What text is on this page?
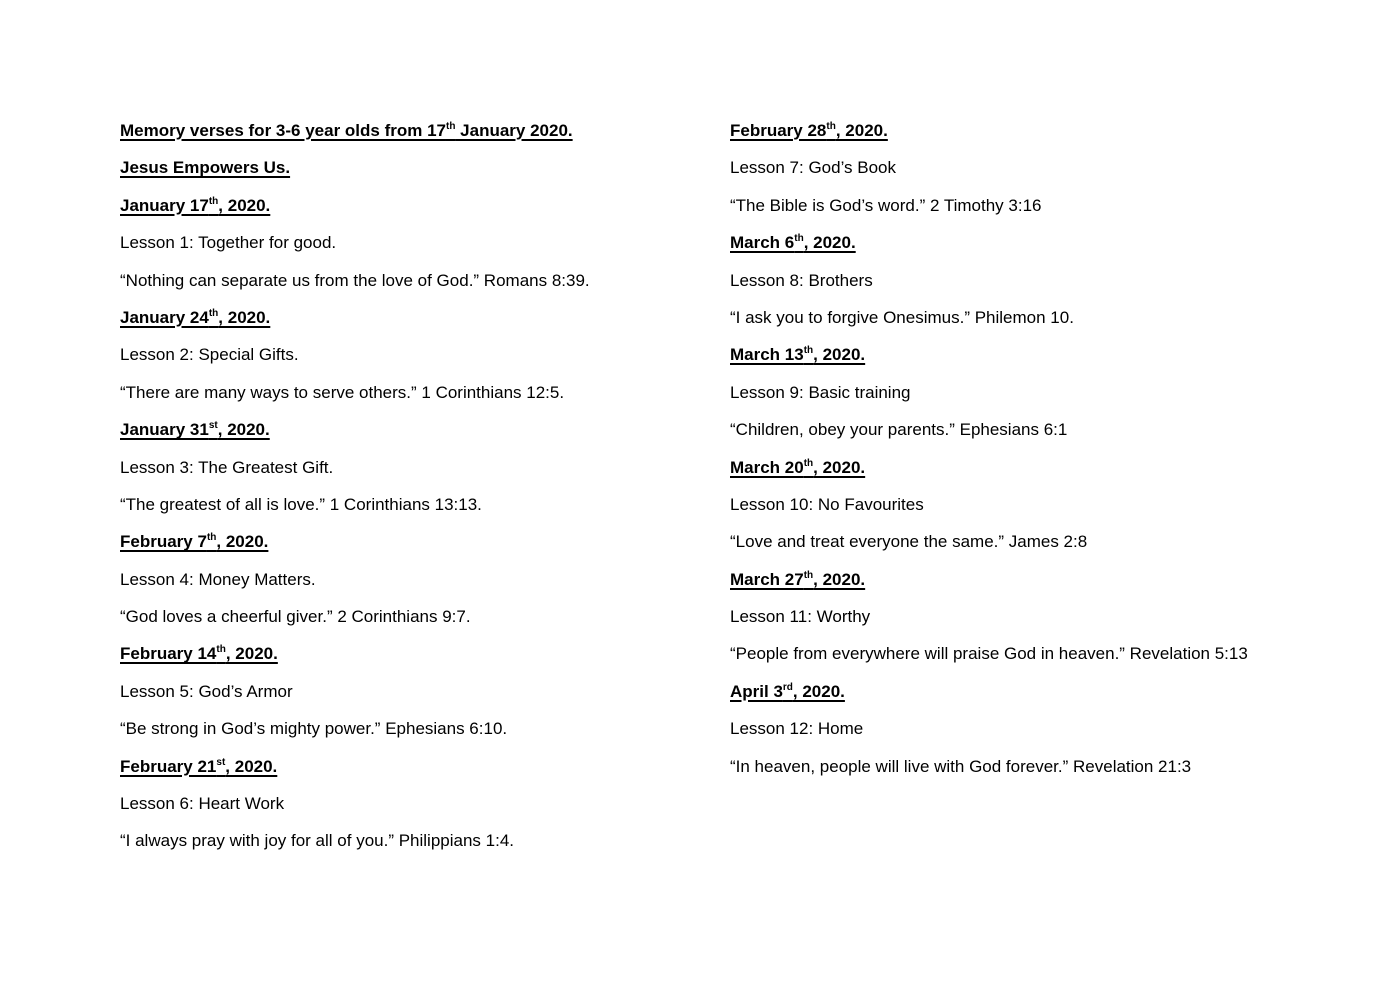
Memory verses for 3-6 year olds from 17th January 2020.
Jesus Empowers Us.
January 17th, 2020.
Lesson 1: Together for good.
“Nothing can separate us from the love of God.” Romans 8:39.
January 24th, 2020.
Lesson 2: Special Gifts.
“There are many ways to serve others.” 1 Corinthians 12:5.
January 31st, 2020.
Lesson 3: The Greatest Gift.
“The greatest of all is love.” 1 Corinthians 13:13.
February 7th, 2020.
Lesson 4: Money Matters.
“God loves a cheerful giver.” 2 Corinthians 9:7.
February 14th, 2020.
Lesson 5: God’s Armor
“Be strong in God’s mighty power.” Ephesians 6:10.
February 21st, 2020.
Lesson 6: Heart Work
“I always pray with joy for all of you.” Philippians 1:4.
February 28th, 2020.
Lesson 7: God’s Book
“The Bible is God’s word.” 2 Timothy 3:16
March 6th, 2020.
Lesson 8: Brothers
“I ask you to forgive Onesimus.” Philemon 10.
March 13th, 2020.
Lesson 9: Basic training
“Children, obey your parents.” Ephesians 6:1
March 20th, 2020.
Lesson 10: No Favourites
“Love and treat everyone the same.” James 2:8
March 27th, 2020.
Lesson 11: Worthy
“People from everywhere will praise God in heaven.” Revelation 5:13
April 3rd, 2020.
Lesson 12: Home
“In heaven, people will live with God forever.” Revelation 21:3
